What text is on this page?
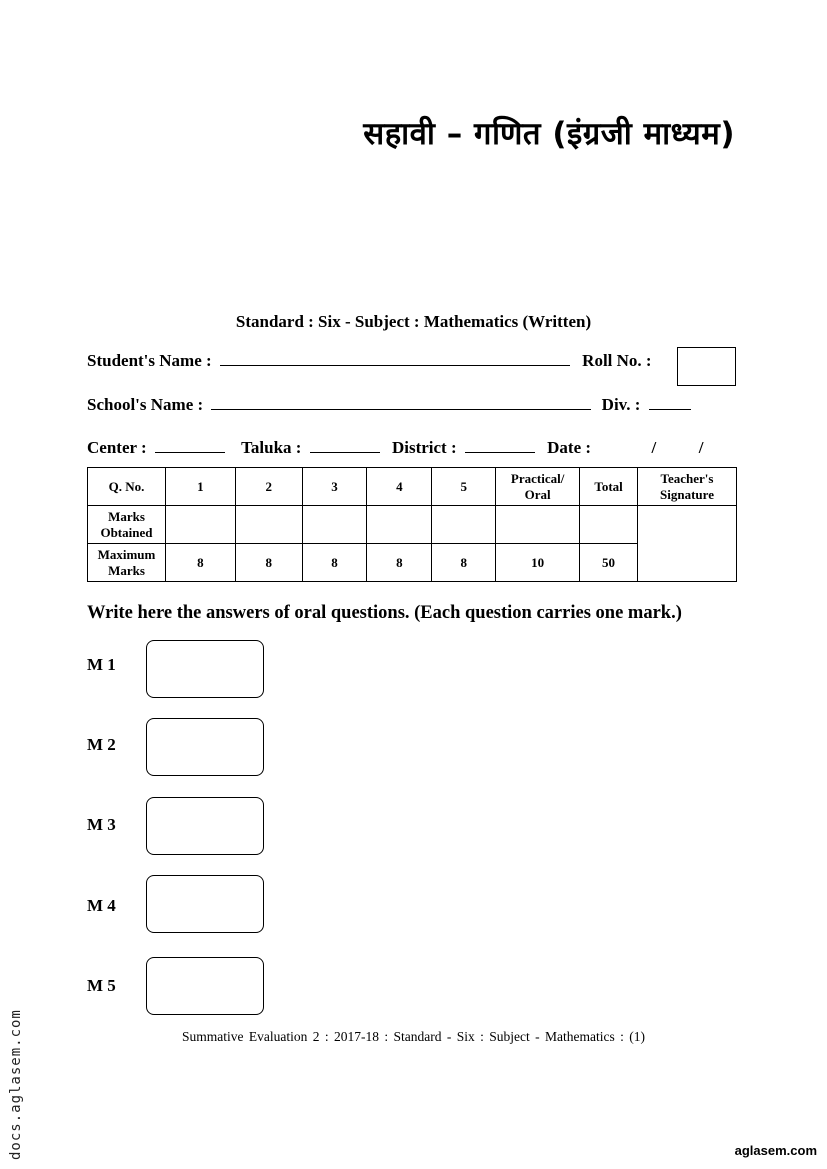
सहावी – गणित (इंग्रजी माध्यम)
Standard : Six - Subject : Mathematics (Written)
Student's Name :	Roll No. :
School's Name :	Div. :
Center :	Taluka :	District :	Date :	/	/
Q. No.	1	2	3	4	5	Practical/ Oral	Total	Teacher's Signature
Marks Obtained								
Maximum Marks	8	8	8	8	8	10	50	
Write here the answers of oral questions. (Each question carries one mark.)
M 1
M 2
M 3
M 4
M 5
Summative Evaluation 2 : 2017-18 : Standard - Six : Subject - Mathematics : (1)
docs.aglasem.com	aglasem.com
